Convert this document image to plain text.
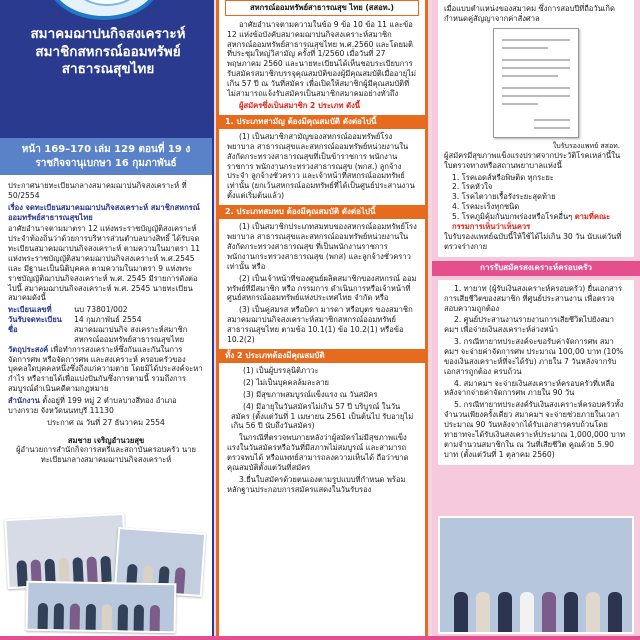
สมาคมฌาปนกิจสงเคราะห์
สมาชิกสหกรณ์ออมทรัพย์
สาธารณสุขไทย
หน้า 169–170 เล่ม 129 ตอนที่ 19 ง
ราชกิจจานุเบกษา 16 กุมภาพันธ์
ประกาศนายทะเบียนกลางสมาคมฌาปนกิจสงเคราะห์ ที่ 50/2554
เรื่อง จดทะเบียนสมาคมฌาปนกิจสงเคราะห์ สมาชิกสหกรณ์ออมทรัพย์สาธารณสุขไทย
อาศัยอำนาจตามมาตรา 12 แห่งพระราชบัญญัติสงเคราะห์ ประจำท้องถิ่นว่าด้วยการบริหารส่วนตำบลบางสิทธิ์ ได้รับจดทะเบียนสมาคมฌาปนกิจสงเคราะห์ ตามความในมาตรา 11 แห่งพระราชบัญญัติสมาคมฌาปนกิจสงเคราะห์ พ.ศ.2545 และ มีฐานะเป็นนิติบุคคล ตามความในมาตรา 9 แห่งพระราชบัญญัติฌาปนกิจสงเคราะห์ พ.ศ. 2545 มีรายการดังต่อไปนี้ สมาคมฌาปนกิจสงเคราะห์ พ.ศ. 2545 นายทะเบียน สมาคมดังนี้
ทะเบียนเลขที่	นบ 73801/002
วันรับจดทะเบียน	14 กุมภาพันธ์ 2554
ชื่อ	สมาคมฌาปนกิจ สงเคราะห์สมาชิก สหกรณ์ออมทรัพย์สาธารณสุขไทย
วัตถุประสงค์ เพื่อทำการสงเคราะห์ซึ่งกันและกันในการจัดการศพ หรือจัดการศพ และสงเคราะห์ ครอบครัวของบุคคลใดบุคคลหนึ่งซึ่งถึงแก่ความตาย โดยมิได้ประสงค์จะหากำไร หรือรายได้เพื่อแบ่งปันกันซึ่งการตามนี้ รวมถึงการสมบูรณ์ดำเนินคดีตามกฎหมาย
สำนักงาน ตั้งอยู่ที่ 199 หมู่ 2 ตำบลบางสีทอง อำเภอบางกรวย จังหวัดนนทบุรี 11130
ประกาศ ณ วันที่ 27 ธันวาคม 2554
สมชาย เจริญอำนวยสุข
ผู้อำนวยการสำนักกิจการสตรีและสถาบันครอบครัว นายทะเบียนกลางสมาคมฌาปนกิจสงเคราะห์
สหกรณ์ออมทรัพย์สาธารณสุข ไทย (สสอท.)
อาศัยอำนาจตามความในข้อ 9 ข้อ 10 ข้อ 11 และข้อ 12 แห่งข้อบังคับสมาคมฌาปนกิจสงเคราะห์สมาชิกสหกรณ์ออมทรัพย์สาธารณสุขไทย พ.ศ.2560 และโดยมติที่ประชุมใหญ่วิสามัญ ครั้งที่ 1/2560 เมื่อวันที่ 27 พฤษภาคม 2560 และนายทะเบียนได้เห็นชอบระเบียบการรับสมัครสมาชิกบรรจุคุณสมบัติของผู้มีคุณสมบัติเมื่ออายุไม่เกิน 57 ปี ณ วันที่สมัคร เพื่อเปิดให้สมาชิกผู้มีคุณสมบัติที่ไม่สามารถแจ้งรับสมัครเป็นสมาชิกสมาคมอย่างทั่วถึง
ผู้สมัครซึ่งเป็นสมาชิก 2 ประเภท ดังนี้
1. ประเภทสามัญ ต้องมีคุณสมบัติ ดังต่อไปนี้
(1) เป็นสมาชิกสามัญของสหกรณ์ออมทรัพย์โรงพยาบาล สาธารณสุขและสหกรณ์ออมทรัพย์หน่วยงานในสังกัดกระทรวงสาธารณสุขที่เป็นข้าราชการ พนักงานราชการ พนักงานกระทรวงสาธารณสุข (พกส.) ลูกจ้างประจำ ลูกจ้างชั่วคราว และเจ้าหน้าที่สหกรณ์ออมทรัพย์เท่านั้น (ยกเว้นสหกรณ์ออมทรัพย์ที่ได้เป็นศูนย์ประสานงานตั้งแต่เริ่มต้นแล้ว)
2. ประเภทสมทบ ต้องมีคุณสมบัติ ดังต่อไปนี้
(1) เป็นสมาชิกประเภทสมทบของสหกรณ์ออมทรัพย์โรงพยาบาล สาธารณสุขและสหกรณ์ออมทรัพย์หน่วยงานในสังกัดกระทรวงสาธารณสุข ที่เป็นพนักงานราชการ พนักงานกระทรวงสาธารณสุข (พกส) และลูกจ้างชั่วคราว เท่านั้น หรือ
(2) เป็นเจ้าหน้าที่ของศูนย์ผลิตสมาชิกของสหกรณ์ ออมทรัพย์ที่มีสมาชิก หรือ กรรมการ ดำเนินการหรือเจ้าหน้าที่ศูนย์สหกรณ์ออมทรัพย์แห่งประเทศไทย จำกัด หรือ
(3) เป็นคู่สมรส หรือบิดา มารดา หรือบุตร ของสมาชิกสมาคมฌาปนกิจสงเคราะห์สมาชิกสหกรณ์ออมทรัพย์สาธารณสุขไทย ตามข้อ 10.1(1) ข้อ 10.2(1) หรือข้อ 10.2(2)
ทั้ง 2 ประเภทต้องมีคุณสมบัติ
(1) เป็นผู้บรรลุนิติภาวะ
(2) ไม่เป็นบุคคลล้มละลาย
(3) มีสุขภาพสมบูรณ์แข็งแรง ณ วันสมัคร
(4) มีอายุในวันสมัครไม่เกิน 57 ปี บริบูรณ์ ในวันสมัคร (ตั้งแต่วันที่ 1 เมษายน 2561 เป็นต้นไป รับอายุไม่เกิน 56 ปี นับถึงวันสมัคร)
ในกรณีที่ตรวจพบภายหลังว่าผู้สมัครไม่มีสุขภาพแข็งแรงในวันสมัครหรือวันที่มีสภาพไม่สมบูรณ์ และสามารถตรวจพบได้ หรือแพทย์สามารถลงความเห็นได้ ถือว่าขาดคุณสมบัติตั้งแต่วันที่สมัคร
3.ยื่นใบสมัครด้วยตนเองตามรูปแบบที่กำหนด พร้อมหลักฐานประกอบการสมัครแสดงในวันรับรอง
เมื่อแบบตำแหน่งของสมาคม ซึ่งการสอบปีที่ถือวันเกิดกำหนดคู่สัญญาจากค่าสั่งศาล
ใบรับรองแพทย์ สสอท.
ผู้สมัครมีสุขภาพแข็งแรงปราศจากประวัติโรคเหล่านี้ในใบตรวจทางหรือสถานพยาบาลแห่งนี้
1. โรคเอดส์หรือพิษติด ทุกระยะ
2. โรคหัวใจ
3. โรคไตวายเรื้อรังระยะสุดท้าย
4. โรคมะเร็งทุกชนิด
5. โรคภูมิคุ้มกันบกพร่องหรือโรคอื่นๆ ตามที่คณะกรรมการเห็นว่าเห็นควร
ใบรับรองแพทย์ฉบับนี้ให้ใช้ได้ไม่เกิน 30 วัน นับแต่วันที่ตรวจร่างกาย
การรับสมัครสงเคราะห์ครอบครัว
1. ทายาท (ผู้รับเงินสงเคราะห์ครอบครัว) ยื่นเอกสารการเสียชีวิตของสมาชิก ที่ศูนย์ประสานงาน เพื่อตรวจสอบความถูกต้อง
2. ศูนย์ประสานงานรายงานการเสียชีวิตไปยังสมาคมฯ เพื่อจ่ายเงินสงเคราะห์ล่วงหน้า
3. กรณีทายาทประสงค์จะขอรับค่าจัดการศพ สมาคมฯ จะจ่ายค่าจัดการศพ ประมาณ 100,00 บาท (10% ของเงินสงเคราะห์ที่จะได้รับ) ภายใน 7 วันหลังจากรับเอกสารถูกต้อง ครบถ้วน
4. สมาคมฯ จะจ่ายเงินสงเคราะห์ครอบครัวที่เหลือหลังจากจ่ายค่าจัดการศพ ภายใน 90 วัน
5. กรณีทายาทประสงค์รับเงินสงเคราะห์ครอบครัวทั้งจำนวนเพียงครั้งเดียว สมาคมฯ จะจ่ายช่วยภายในเวลาประมาณ 90 วันหลังจากได้รับเอกสารครบถ้วนโดยทายาทจะได้รับเงินสงเคราะห์ประมาณ 1,000,000 บาทตามจำนวนสมาชิกใน ณ วันที่เสียชีวิต คูณด้วย 5.90 บาท (ตั้งแต่วันที่ 1 ตุลาคม 2560)
